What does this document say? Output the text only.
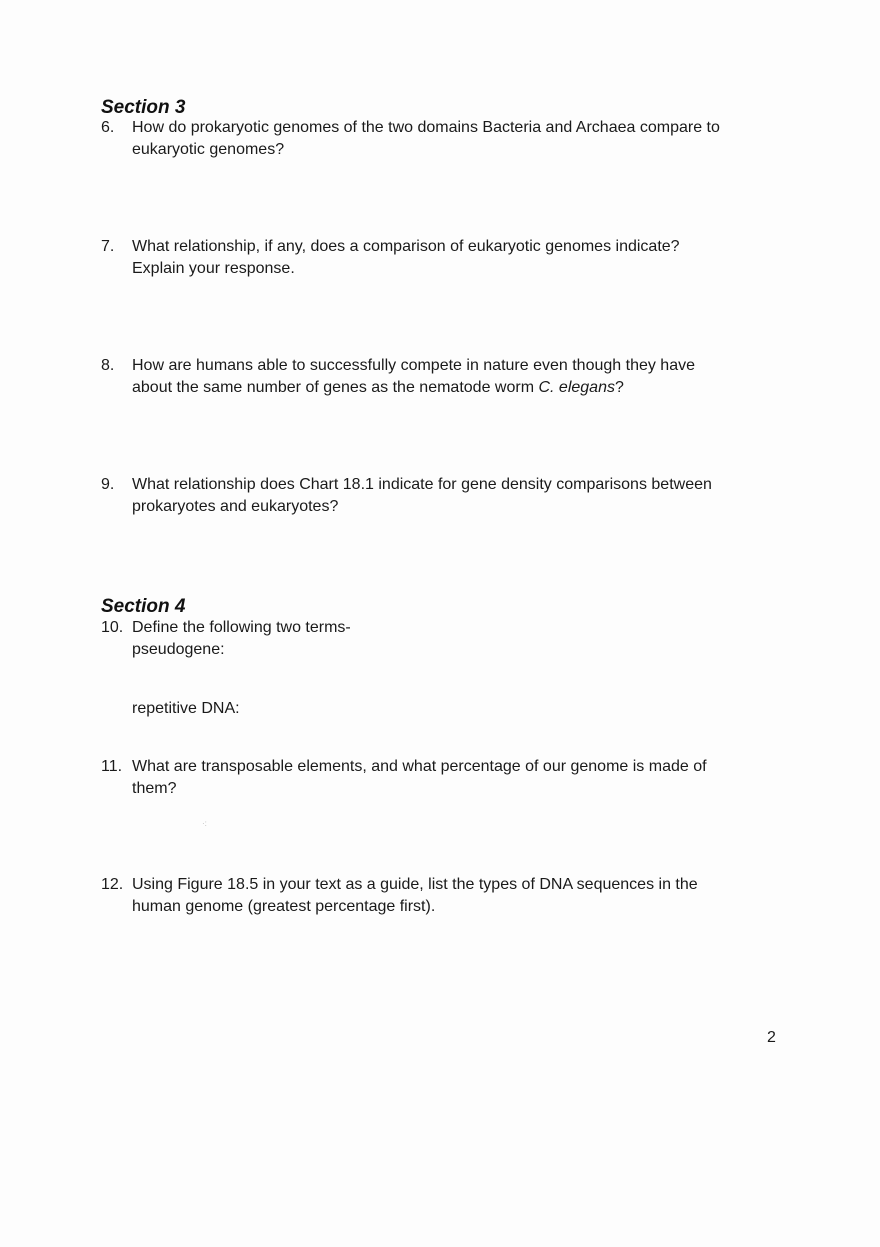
Section 3
6. How do prokaryotic genomes of the two domains Bacteria and Archaea compare to
eukaryotic genomes?
7. What relationship, if any, does a comparison of eukaryotic genomes indicate?
Explain your response.
8. How are humans able to successfully compete in nature even though they have
about the same number of genes as the nematode worm C. elegans?
9. What relationship does Chart 18.1 indicate for gene density comparisons between
prokaryotes and eukaryotes?
Section 4
10. Define the following two terms-
pseudogene:
repetitive DNA:
11. What are transposable elements, and what percentage of our genome is made of
them?
·:
12. Using Figure 18.5 in your text as a guide, list the types of DNA sequences in the
human genome (greatest percentage first).
2
